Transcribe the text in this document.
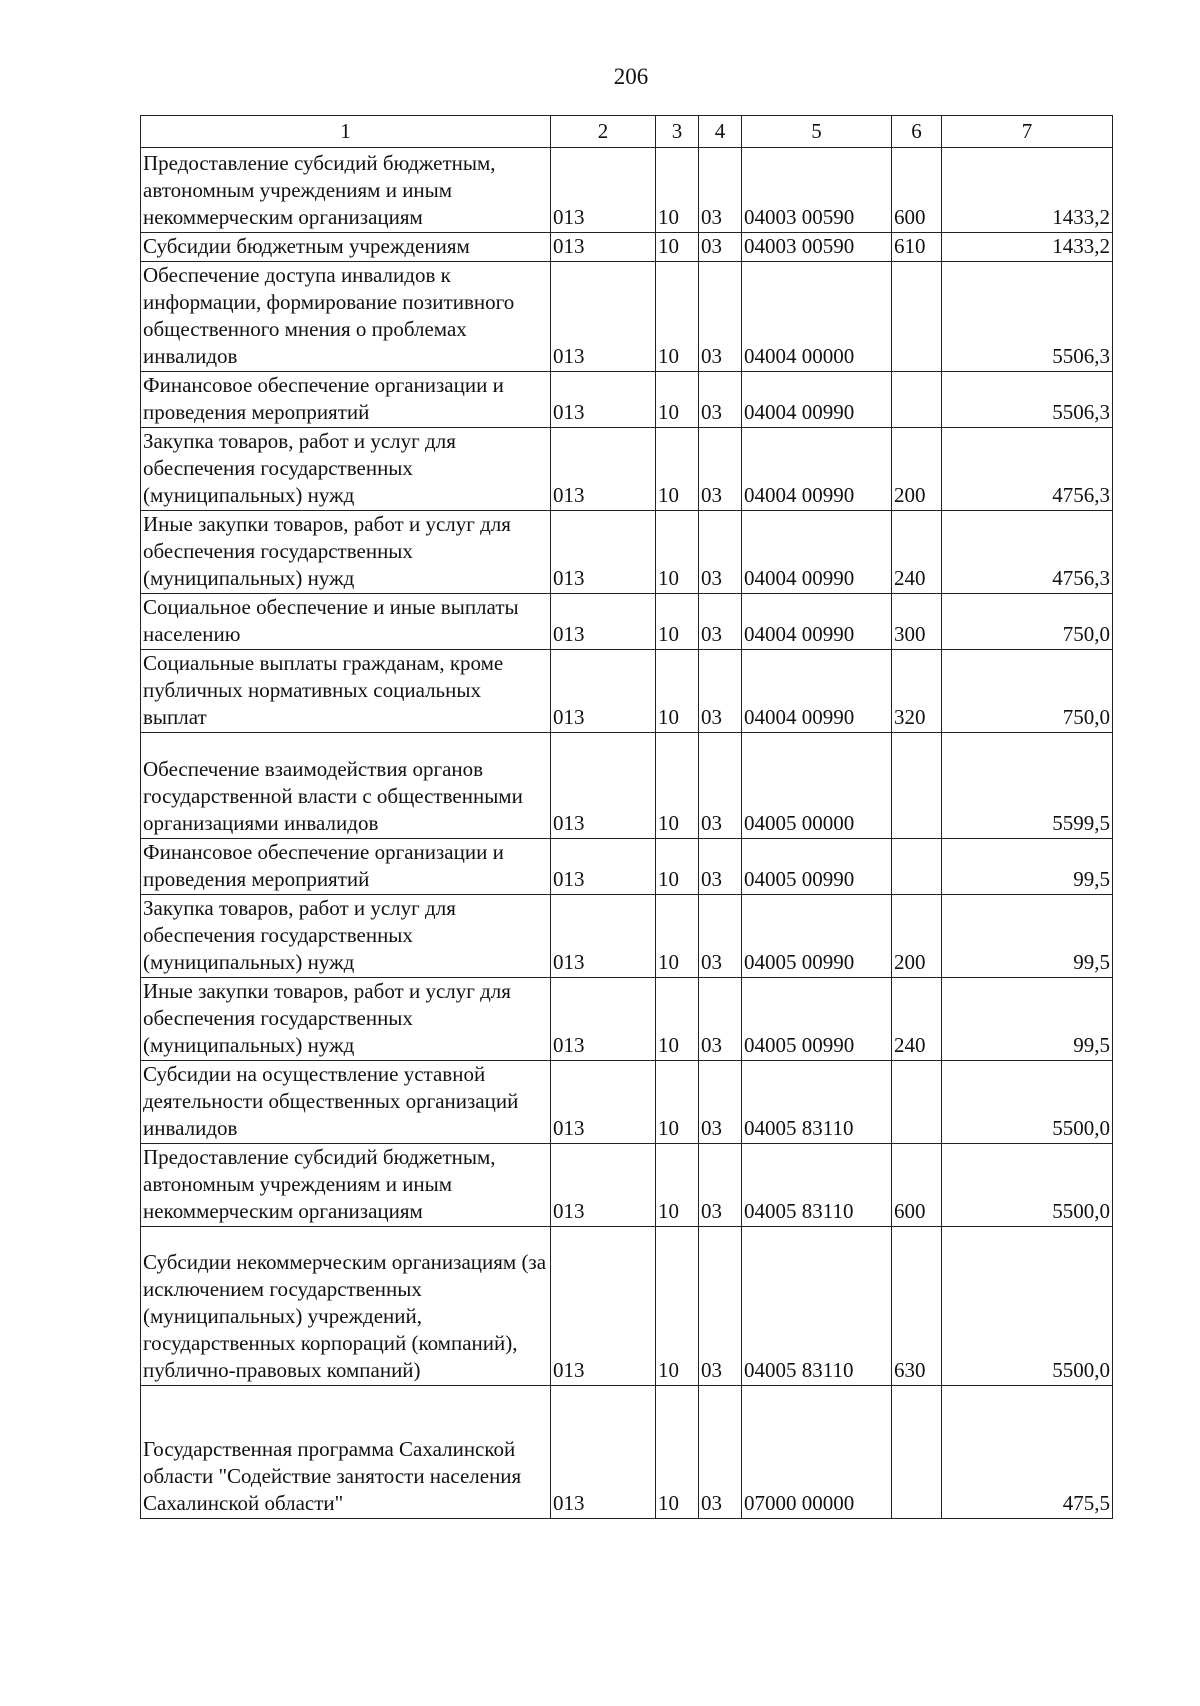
206
1	2	3	4	5	6	7
Предоставление субсидий бюджетным, автономным учреждениям и иным некоммерческим организациям	013	10	03	04003 00590	600	1433,2
Субсидии бюджетным учреждениям	013	10	03	04003 00590	610	1433,2
Обеспечение доступа инвалидов к информации, формирование позитивного общественного мнения о проблемах инвалидов	013	10	03	04004 00000		5506,3
Финансовое обеспечение организации и проведения мероприятий	013	10	03	04004 00990		5506,3
Закупка товаров, работ и услуг для обеспечения государственных (муниципальных) нужд	013	10	03	04004 00990	200	4756,3
Иные закупки товаров, работ и услуг для обеспечения государственных (муниципальных) нужд	013	10	03	04004 00990	240	4756,3
Социальное обеспечение и иные выплаты населению	013	10	03	04004 00990	300	750,0
Социальные выплаты гражданам, кроме публичных нормативных социальных выплат	013	10	03	04004 00990	320	750,0
Обеспечение взаимодействия органов государственной власти с общественными организациями инвалидов	013	10	03	04005 00000		5599,5
Финансовое обеспечение организации и проведения мероприятий	013	10	03	04005 00990		99,5
Закупка товаров, работ и услуг для обеспечения государственных (муниципальных) нужд	013	10	03	04005 00990	200	99,5
Иные закупки товаров, работ и услуг для обеспечения государственных (муниципальных) нужд	013	10	03	04005 00990	240	99,5
Субсидии на осуществление уставной деятельности общественных организаций инвалидов	013	10	03	04005 83110		5500,0
Предоставление субсидий бюджетным, автономным учреждениям и иным некоммерческим организациям	013	10	03	04005 83110	600	5500,0
Субсидии некоммерческим организациям (за исключением государственных (муниципальных) учреждений, государственных корпораций (компаний), публично-правовых компаний)	013	10	03	04005 83110	630	5500,0
Государственная программа Сахалинской области "Содействие занятости населения Сахалинской области"	013	10	03	07000 00000		475,5
